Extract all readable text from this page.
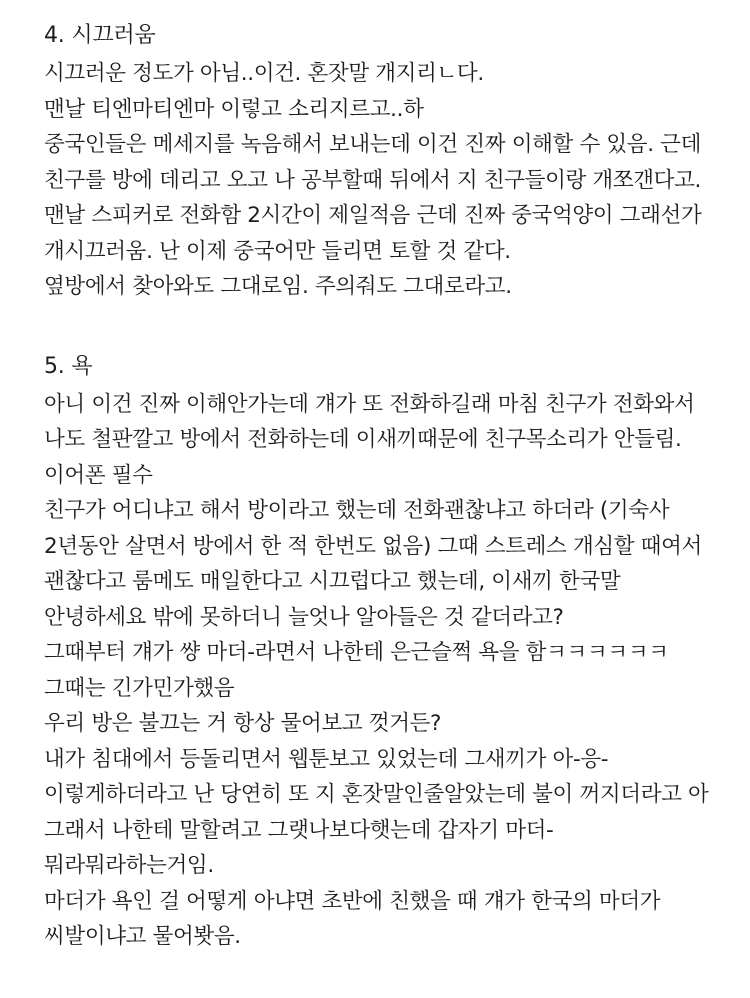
4. 시끄러움

시끄러운 정도가 아님..이건. 혼잣말 개지리ㄴ다.

맨날 티엔마티엔마 이렇고 소리지르고..하

중국인들은 메세지를 녹음해서 보내는데 이건 진짜 이해할 수 있음. 근데 친구를 방에 데리고 오고 나 공부할때 뒤에서 지 친구들이랑 개쪼갠다고.

맨날 스피커로 전화함 2시간이 제일적음 근데 진짜 중국억양이 그래선가 개시끄러움. 난 이제 중국어만 들리면 토할 것 같다.

옆방에서 찾아와도 그대로임. 주의줘도 그대로라고.

5. 욕

아니 이건 진짜 이해안가는데 걔가 또 전화하길래 마침 친구가 전화와서 나도 철판깔고 방에서 전화하는데 이새끼때문에 친구목소리가 안들림. 이어폰 필수

친구가 어디냐고 해서 방이라고 했는데 전화괜찮냐고 하더라 (기숙사 2년동안 살면서 방에서 한 적 한번도 없음) 그때 스트레스 개심할 때여서 괜찮다고 룸메도 매일한다고 시끄럽다고 했는데, 이새끼 한국말 안녕하세요 밖에 못하더니 늘엇나 알아들은 것 같더라고?

그때부터 걔가 썅 마더-라면서 나한테 은근슬쩍 욕을 함ㅋㅋㅋㅋㅋㅋ 그때는 긴가민가했음

우리 방은 불끄는 거 항상 물어보고 껏거든?

내가 침대에서 등돌리면서 웹툰보고 있었는데 그새끼가 아-응-   이렇게하더라고 난 당연히 또 지 혼잣말인줄알았는데 불이 꺼지더라고 아 그래서 나한테 말할려고 그랫나보다햇는데 갑자기 마더-뭐라뭐라하는거임.

마더가 욕인 걸 어떻게 아냐면 초반에 친했을 때 걔가 한국의 마더가 씨발이냐고 물어봣음.
